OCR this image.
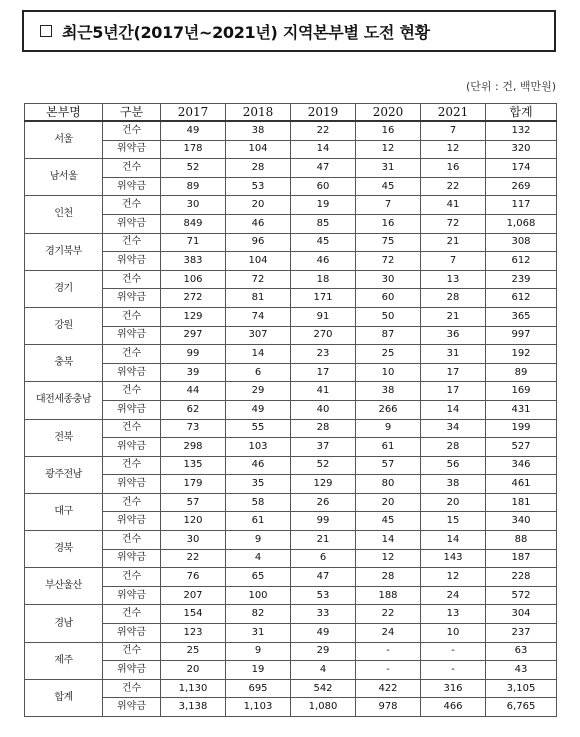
최근5년간(2017년~2021년) 지역본부별 도전 현황
(단위 : 건, 백만원)
본부명	구분	2017	2018	2019	2020	2021	합계
서울	건수	49	38	22	16	7	132
	위약금	178	104	14	12	12	320
남서울	건수	52	28	47	31	16	174
	위약금	89	53	60	45	22	269
인천	건수	30	20	19	7	41	117
	위약금	849	46	85	16	72	1,068
경기북부	건수	71	96	45	75	21	308
	위약금	383	104	46	72	7	612
경기	건수	106	72	18	30	13	239
	위약금	272	81	171	60	28	612
강원	건수	129	74	91	50	21	365
	위약금	297	307	270	87	36	997
충북	건수	99	14	23	25	31	192
	위약금	39	6	17	10	17	89
대전세종충남	건수	44	29	41	38	17	169
	위약금	62	49	40	266	14	431
전북	건수	73	55	28	9	34	199
	위약금	298	103	37	61	28	527
광주전남	건수	135	46	52	57	56	346
	위약금	179	35	129	80	38	461
대구	건수	57	58	26	20	20	181
	위약금	120	61	99	45	15	340
경북	건수	30	9	21	14	14	88
	위약금	22	4	6	12	143	187
부산울산	건수	76	65	47	28	12	228
	위약금	207	100	53	188	24	572
경남	건수	154	82	33	22	13	304
	위약금	123	31	49	24	10	237
제주	건수	25	9	29	-	-	63
	위약금	20	19	4	-	-	43
합계	건수	1,130	695	542	422	316	3,105
	위약금	3,138	1,103	1,080	978	466	6,765
